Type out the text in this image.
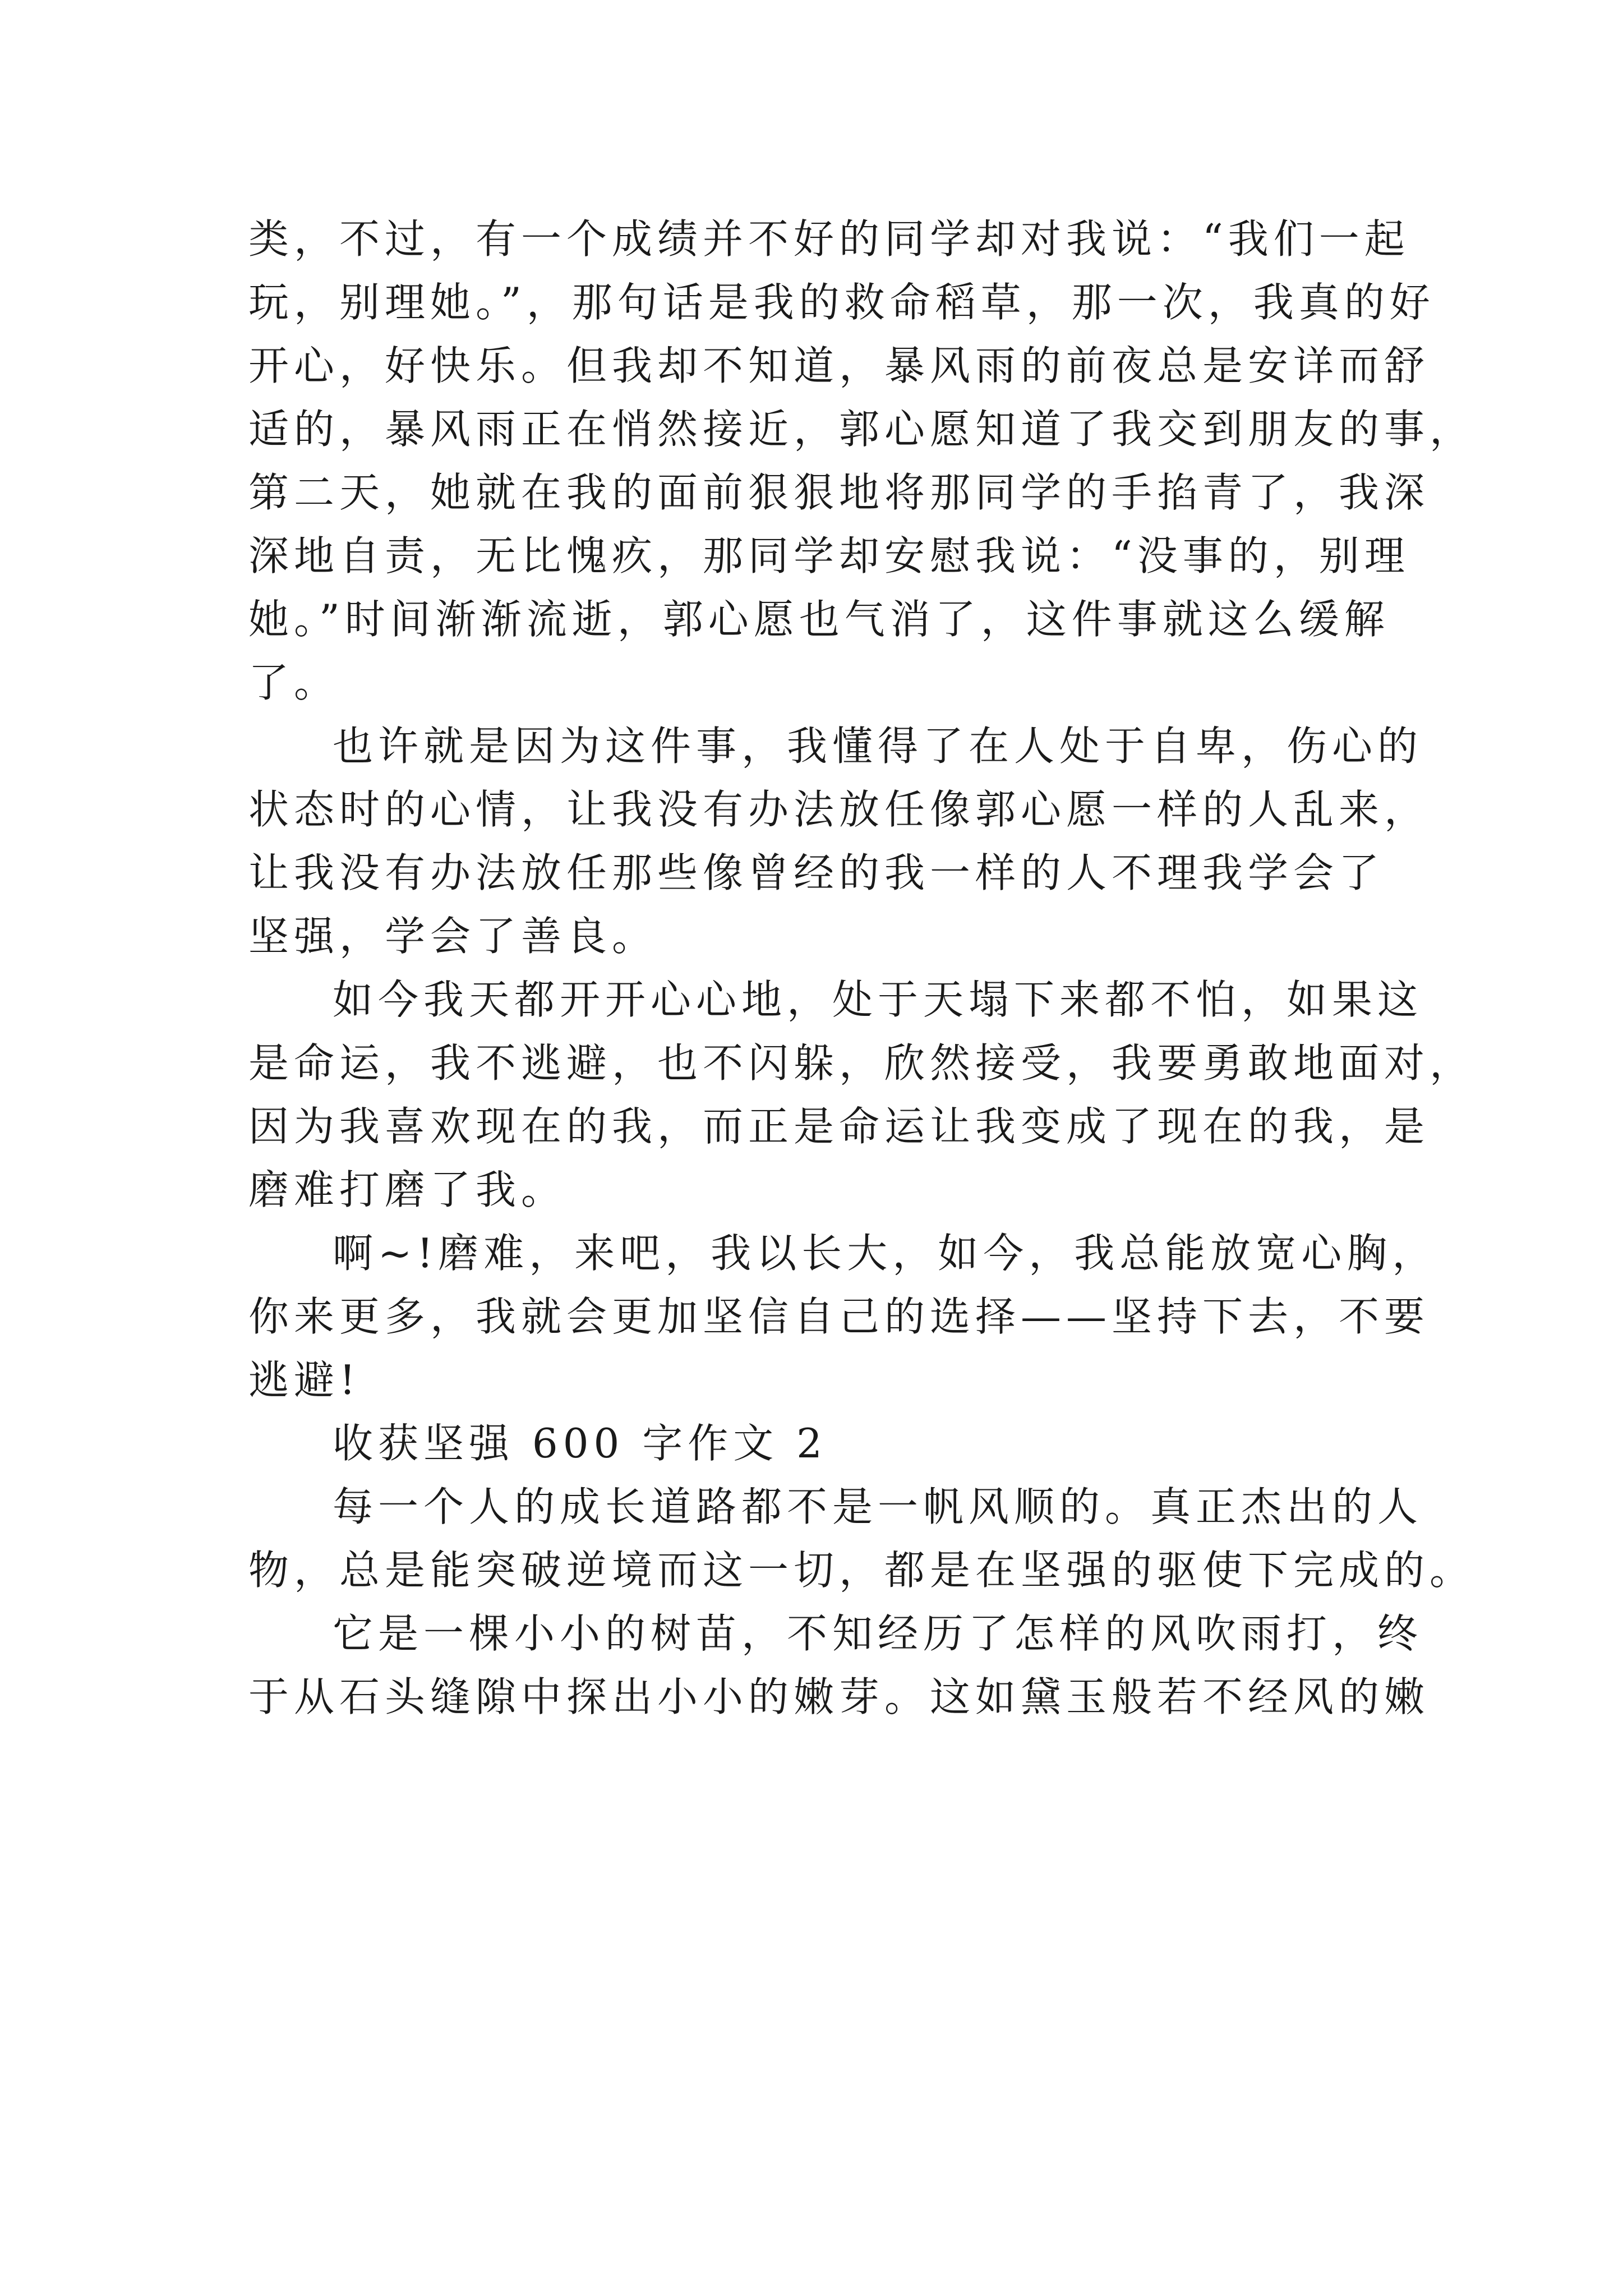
类，不过，有一个成绩并不好的同学却对我说：“我们一起
玩，别理她。”，那句话是我的救命稻草，那一次，我真的好
开心，好快乐。但我却不知道，暴风雨的前夜总是安详而舒
适的，暴风雨正在悄然接近，郭心愿知道了我交到朋友的事，
第二天，她就在我的面前狠狠地将那同学的手掐青了，我深
深地自责，无比愧疚，那同学却安慰我说：“没事的，别理
她。”时间渐渐流逝，郭心愿也气消了，这件事就这么缓解
了。
也许就是因为这件事，我懂得了在人处于自卑，伤心的
状态时的心情，让我没有办法放任像郭心愿一样的人乱来，
让我没有办法放任那些像曾经的我一样的人不理我学会了
坚强，学会了善良。
如今我天都开开心心地，处于天塌下来都不怕，如果这
是命运，我不逃避，也不闪躲，欣然接受，我要勇敢地面对，
因为我喜欢现在的我，而正是命运让我变成了现在的我，是
磨难打磨了我。
啊~!磨难，来吧，我以长大，如今，我总能放宽心胸，
你来更多，我就会更加坚信自己的选择——坚持下去，不要
逃避!
收获坚强 600 字作文 2
每一个人的成长道路都不是一帆风顺的。真正杰出的人
物，总是能突破逆境而这一切，都是在坚强的驱使下完成的。
它是一棵小小的树苗，不知经历了怎样的风吹雨打，终
于从石头缝隙中探出小小的嫩芽。这如黛玉般若不经风的嫩
